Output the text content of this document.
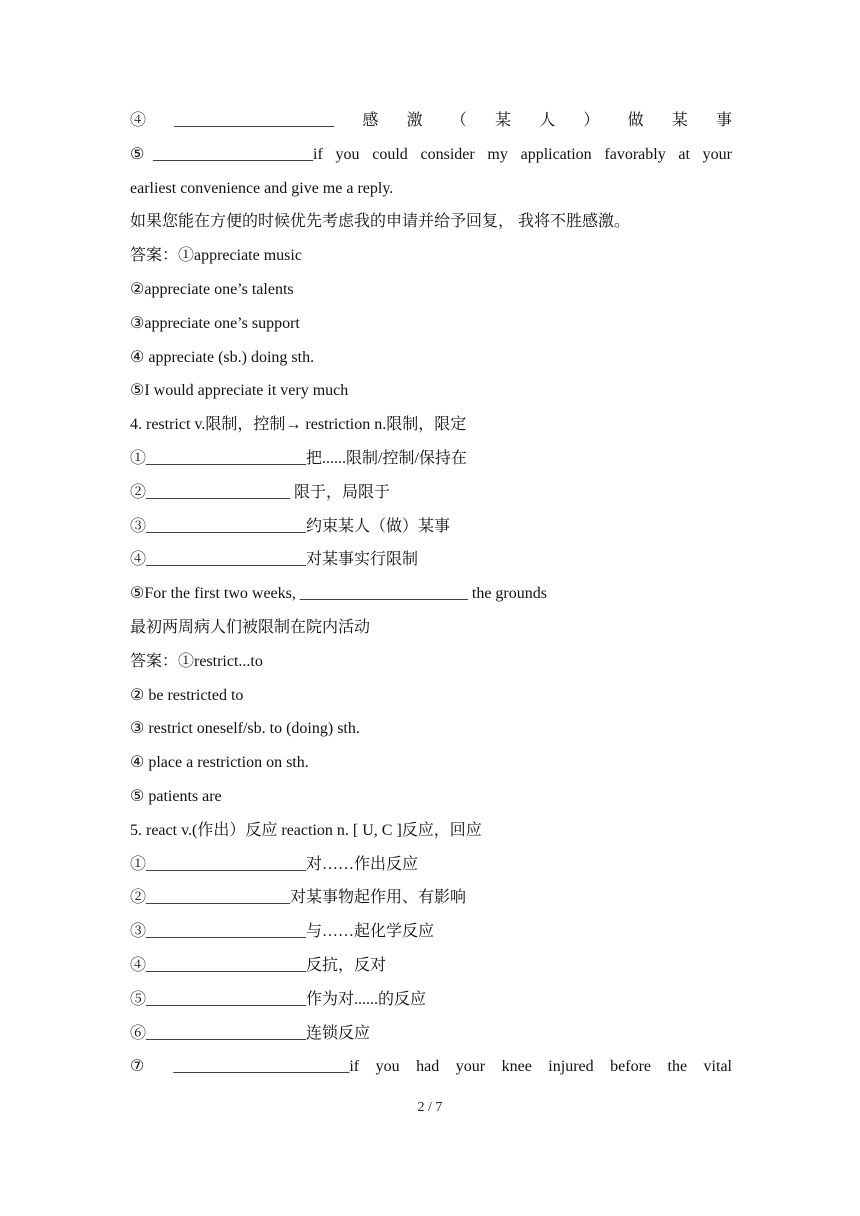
④____________________感激（某人）做某事
⑤____________________if you could consider my application favorably at your
earliest convenience and give me a reply.
如果您能在方便的时候优先考虑我的申请并给予回复， 我将不胜感激。
答案：①appreciate music
②appreciate one’s talents
③appreciate one’s support
④ appreciate (sb.) doing sth.
⑤I would appreciate it very much
4. restrict v.限制，控制→ restriction n.限制，限定
①____________________把......限制/控制/保持在
②__________________ 限于，局限于
③____________________约束某人（做）某事
④____________________对某事实行限制
⑤For the first two weeks, _____________________ the grounds
最初两周病人们被限制在院内活动
答案：①restrict...to
② be restricted to
③ restrict oneself/sb. to (doing) sth.
④ place a restriction on sth.
⑤ patients are
5. react v.(作出）反应 reaction n. [ U, C ]反应，回应
①____________________对……作出反应
②__________________对某事物起作用、有影响
③____________________与……起化学反应
④____________________反抗，反对
⑤____________________作为对......的反应
⑥____________________连锁反应
⑦ ______________________if you had your knee injured before the vital
2 / 7
